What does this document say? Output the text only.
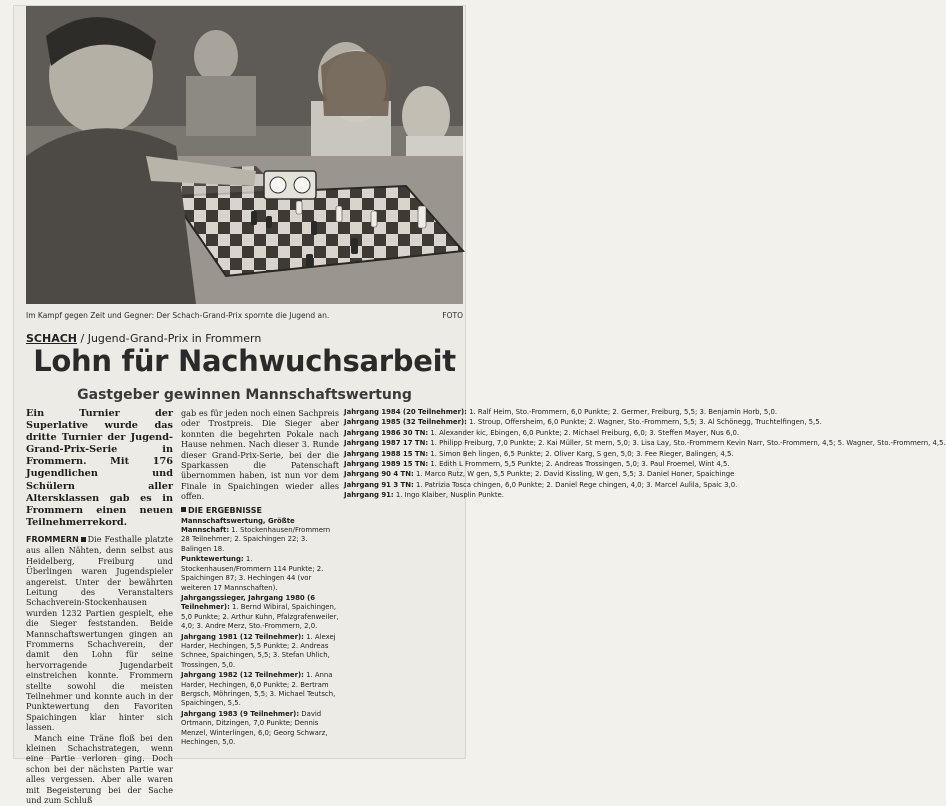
Im Kampf gegen Zeit und Gegner: Der Schach-Grand-Prix spornte die Jugend an.	FOTO
SCHACH / Jugend-Grand-Prix in Frommern
Lohn für Nachwuchsarbeit
Gastgeber gewinnen Mannschaftswertung

Ein Turnier der Superlative wurde das dritte Turnier der Jugend-Grand-Prix-Serie in Frommern. Mit 176 Jugendlichen und Schülern aller Altersklassen gab es in Frommern einen neuen Teilnehmerrekord.

FROMMERN Die Festhalle platzte aus allen Nähten, denn selbst aus Heidelberg, Freiburg und Überlingen waren Jugendspieler angereist. Unter der bewährten Leitung des Veranstalters Schachverein-Stockenhausen wurden 1232 Partien gespielt, ehe die Sieger feststanden. Beide Mannschaftswertungen gingen an Frommerns Schachverein, der damit den Lohn für seine hervorragende Jugendarbeit einstreichen konnte. Frommern stellte sowohl die meisten Teilnehmer und konnte auch in der Punktewertung den Favoriten Spaichingen klar hinter sich lassen.

Manch eine Träne floß bei den kleinen Schachstrategen, wenn eine Partie verloren ging. Doch schon bei der nächsten Partie war alles vergessen. Aber alle waren mit Begeisterung bei der Sache und zum Schluß

gab es für jeden noch einen Sachpreis oder Trostpreis. Die Sieger aber konnten die begehrten Pokale nach Hause nehmen. Nach dieser 3. Runde dieser Grand-Prix-Serie, bei der die Sparkassen die Patenschaft übernommen haben, ist nun vor dem Finale in Spaichingen wieder alles offen.

DIE ERGEBNISSE

Mannschaftswertung, Größte Mannschaft: 1. Stockenhausen/Frommern 28 Teilnehmer; 2. Spaichingen 22; 3. Balingen 18.

Punktewertung: 1. Stockenhausen/Frommern 114 Punkte; 2. Spaichingen 87; 3. Hechingen 44 (vor weiteren 17 Mannschaften).

Jahrgangssieger, Jahrgang 1980 (6 Teilnehmer): 1. Bernd Wibiral, Spaichingen, 5,0 Punkte; 2. Arthur Kuhn, Pfalzgrafenweiler, 4,0; 3. Andre Merz, Sto.-Frommern, 2,0.

Jahrgang 1981 (12 Teilnehmer): 1. Alexej Harder, Hechingen, 5,5 Punkte; 2. Andreas Schnee, Spaichingen, 5,5; 3. Stefan Uhlich, Trossingen, 5,0.

Jahrgang 1982 (12 Teilnehmer): 1. Anna Harder, Hechingen, 6,0 Punkte; 2. Bertram Bergsch, Möhringen, 5,5; 3. Michael Teutsch, Spaichingen, 5,5.

Jahrgang 1983 (9 Teilnehmer): David Ortmann, Ditzingen, 7,0 Punkte; Dennis Menzel, Winterlingen, 6,0; Georg Schwarz, Hechingen, 5,0.

Jahrgang 1984 (20 Teilnehmer): 1. Ralf Heim, Sto.-Frommern, 6,0 Punkte; 2. Germer, Freiburg, 5,5; 3. Benjamin Horb, 5,0.

Jahrgang 1985 (32 Teilnehmer): 1. Stroup, Offersheim, 6,0 Punkte; 2. Wagner, Sto.-Frommern, 5,5; 3. Al Schönegg, Truchtelfingen, 5,5.

Jahrgang 1986 30 TN: 1. Alexander kic, Ebingen, 6,0 Punkte; 2. Michael Freiburg, 6,0; 3. Steffen Mayer, Nus 6,0.

Jahrgang 1987 17 TN: 1. Philipp Freiburg, 7,0 Punkte; 2. Kai Müller, St mern, 5,0; 3. Lisa Lay, Sto.-Frommern Kevin Narr, Sto.-Frommern, 4,5; 5. Wagner, Sto.-Frommern, 4,5.

Jahrgang 1988 15 TN: 1. Simon Beh lingen, 6,5 Punkte; 2. Oliver Karg, S gen, 5,0; 3. Fee Rieger, Balingen, 4,5.

Jahrgang 1989 15 TN: 1. Edith L Frommern, 5,5 Punkte; 2. Andreas Trossingen, 5,0; 3. Paul Froemel, Wint 4,5.

Jahrgang 90 4 TN: 1. Marco Rutz, W gen, 5,5 Punkte; 2. David Kissling, W gen, 5,5; 3. Daniel Honer, Spaichinge

Jahrgang 91 3 TN: 1. Patrizia Tosca chingen, 6,0 Punkte; 2. Daniel Rege chingen, 4,0; 3. Marcel Aulila, Spaic 3,0.

Jahrgang 91: 1. Ingo Klaiber, Nusplin Punkte.
